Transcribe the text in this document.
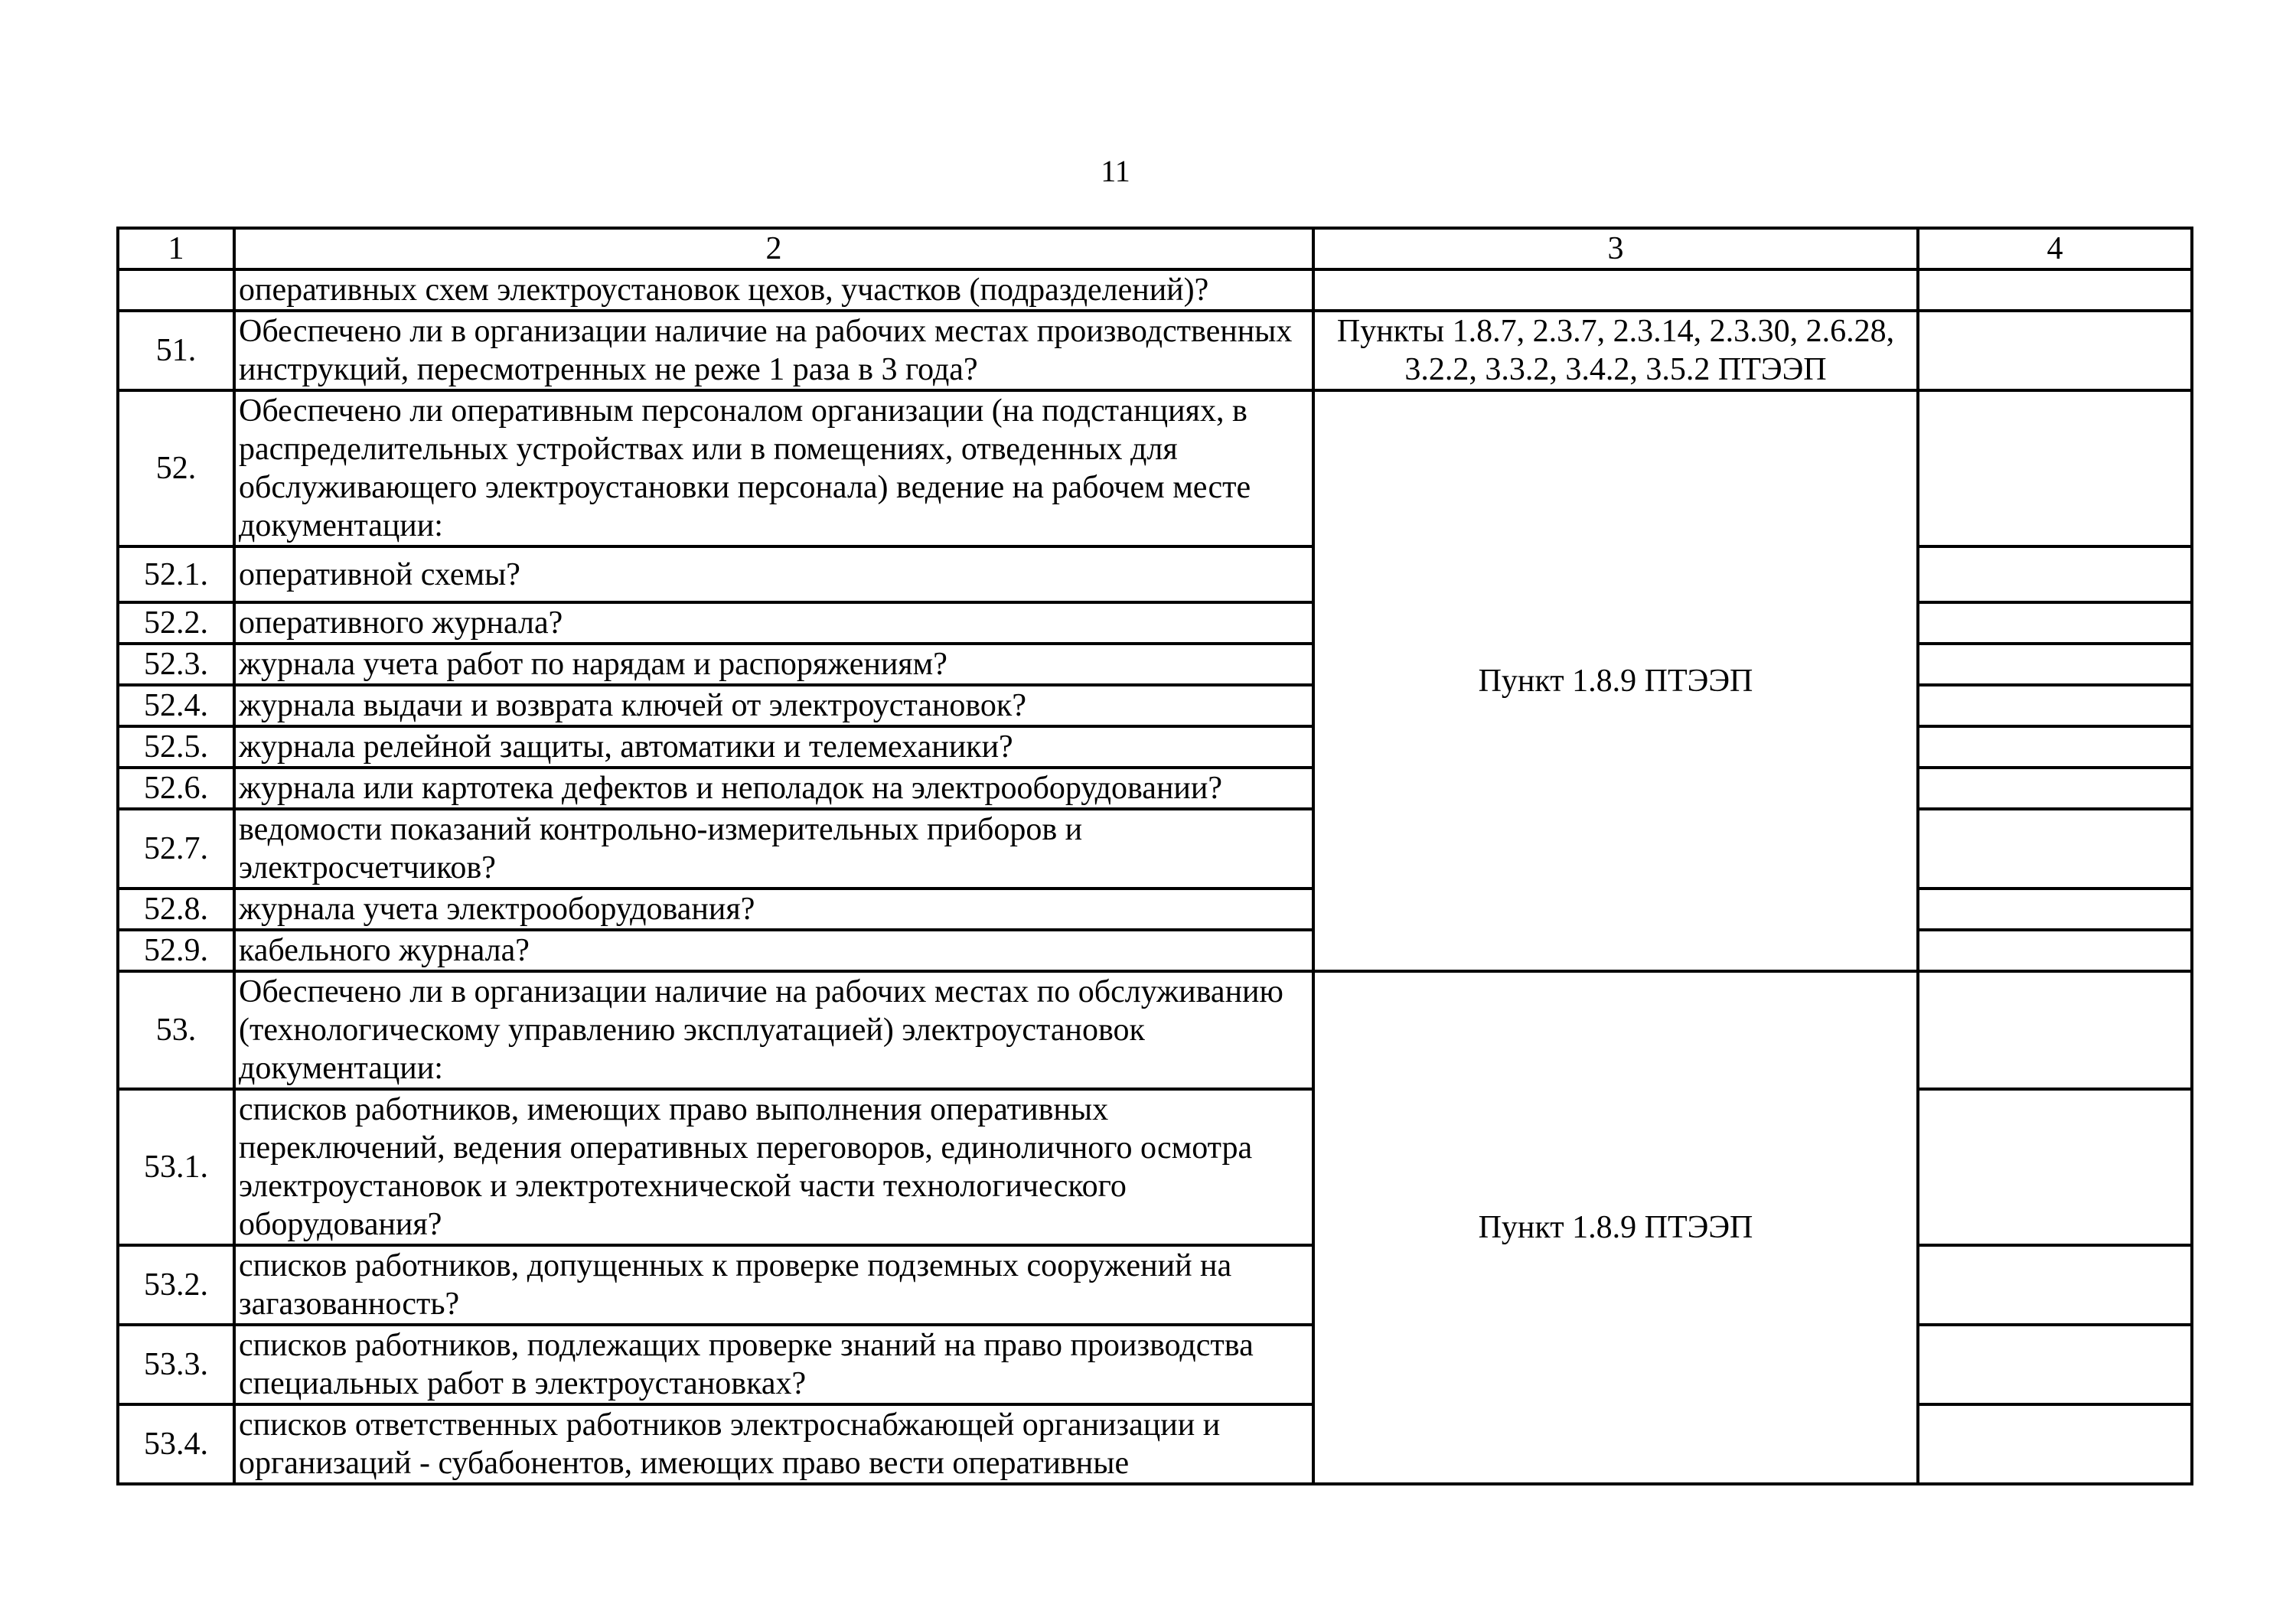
11
1	2	3	4
	оперативных схем электроустановок цехов, участков (подразделений)?		
51.	Обеспечено ли в организации наличие на рабочих местах производственных инструкций, пересмотренных не реже 1 раза в 3 года?	Пункты 1.8.7, 2.3.7, 2.3.14, 2.3.30, 2.6.28, 3.2.2, 3.3.2, 3.4.2, 3.5.2 ПТЭЭП	
52.	Обеспечено ли оперативным персоналом организации (на подстанциях, в распределительных устройствах или в помещениях, отведенных для обслуживающего электроустановки персонала) ведение на рабочем месте документации:	Пункт 1.8.9 ПТЭЭП	
52.1.	оперативной схемы?		
52.2.	оперативного журнала?		
52.3.	журнала учета работ по нарядам и распоряжениям?		
52.4.	журнала выдачи и возврата ключей от электроустановок?		
52.5.	журнала релейной защиты, автоматики и телемеханики?		
52.6.	журнала или картотека дефектов и неполадок на электрооборудовании?		
52.7.	ведомости показаний контрольно-измерительных приборов и электросчетчиков?		
52.8.	журнала учета электрооборудования?		
52.9.	кабельного журнала?		
53.	Обеспечено ли в организации наличие на рабочих местах по обслуживанию (технологическому управлению эксплуатацией) электроустановок документации:	Пункт 1.8.9 ПТЭЭП	
53.1.	списков работников, имеющих право выполнения оперативных переключений, ведения оперативных переговоров, единоличного осмотра электроустановок и электротехнической части технологического оборудования?		
53.2.	списков работников, допущенных к проверке подземных сооружений на загазованность?		
53.3.	списков работников, подлежащих проверке знаний на право производства специальных работ в электроустановках?		
53.4.	списков ответственных работников электроснабжающей организации и организаций - субабонентов, имеющих право вести оперативные		
